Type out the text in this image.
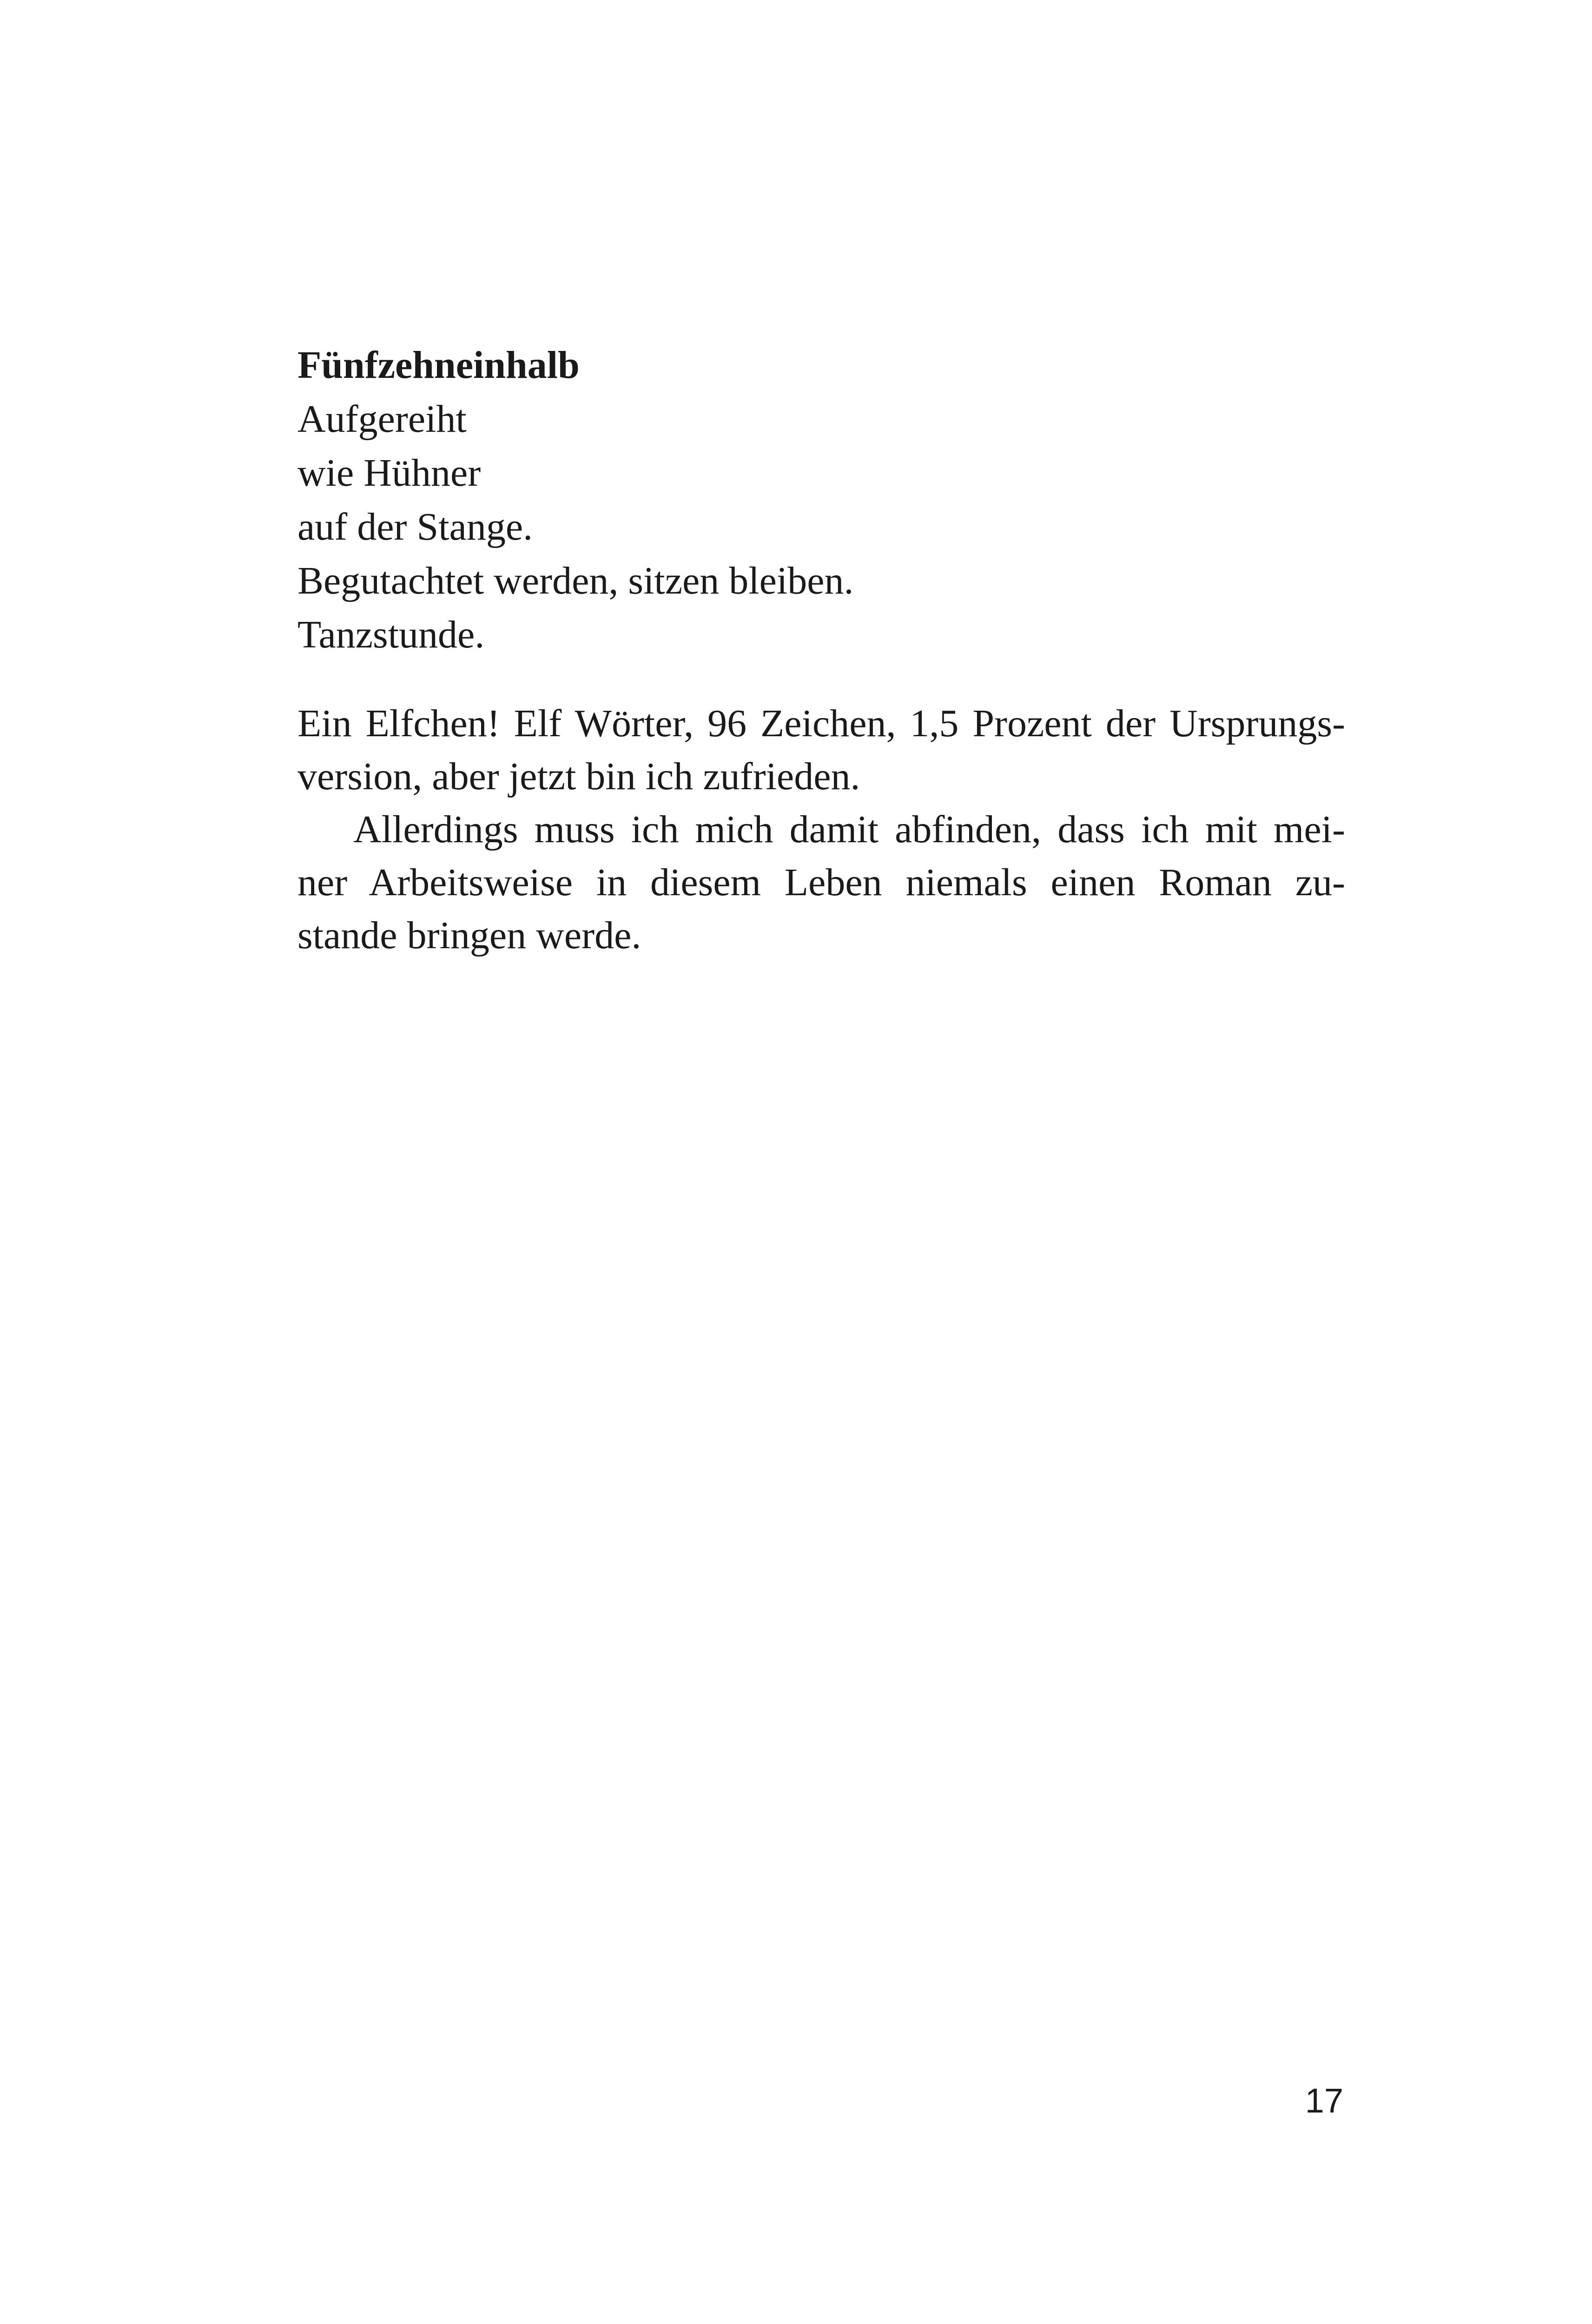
Fünfzehneinhalb

Aufgereiht

wie Hühner

auf der Stange.

Begutachtet werden, sitzen bleiben.

Tanzstunde.

Ein Elfchen! Elf Wörter, 96 Zeichen, 1,5 Prozent der Ursprungs-
version, aber jetzt bin ich zufrieden.
Allerdings muss ich mich damit abfinden, dass ich mit mei-
ner Arbeitsweise in diesem Leben niemals einen Roman zu-
stande bringen werde.
17
